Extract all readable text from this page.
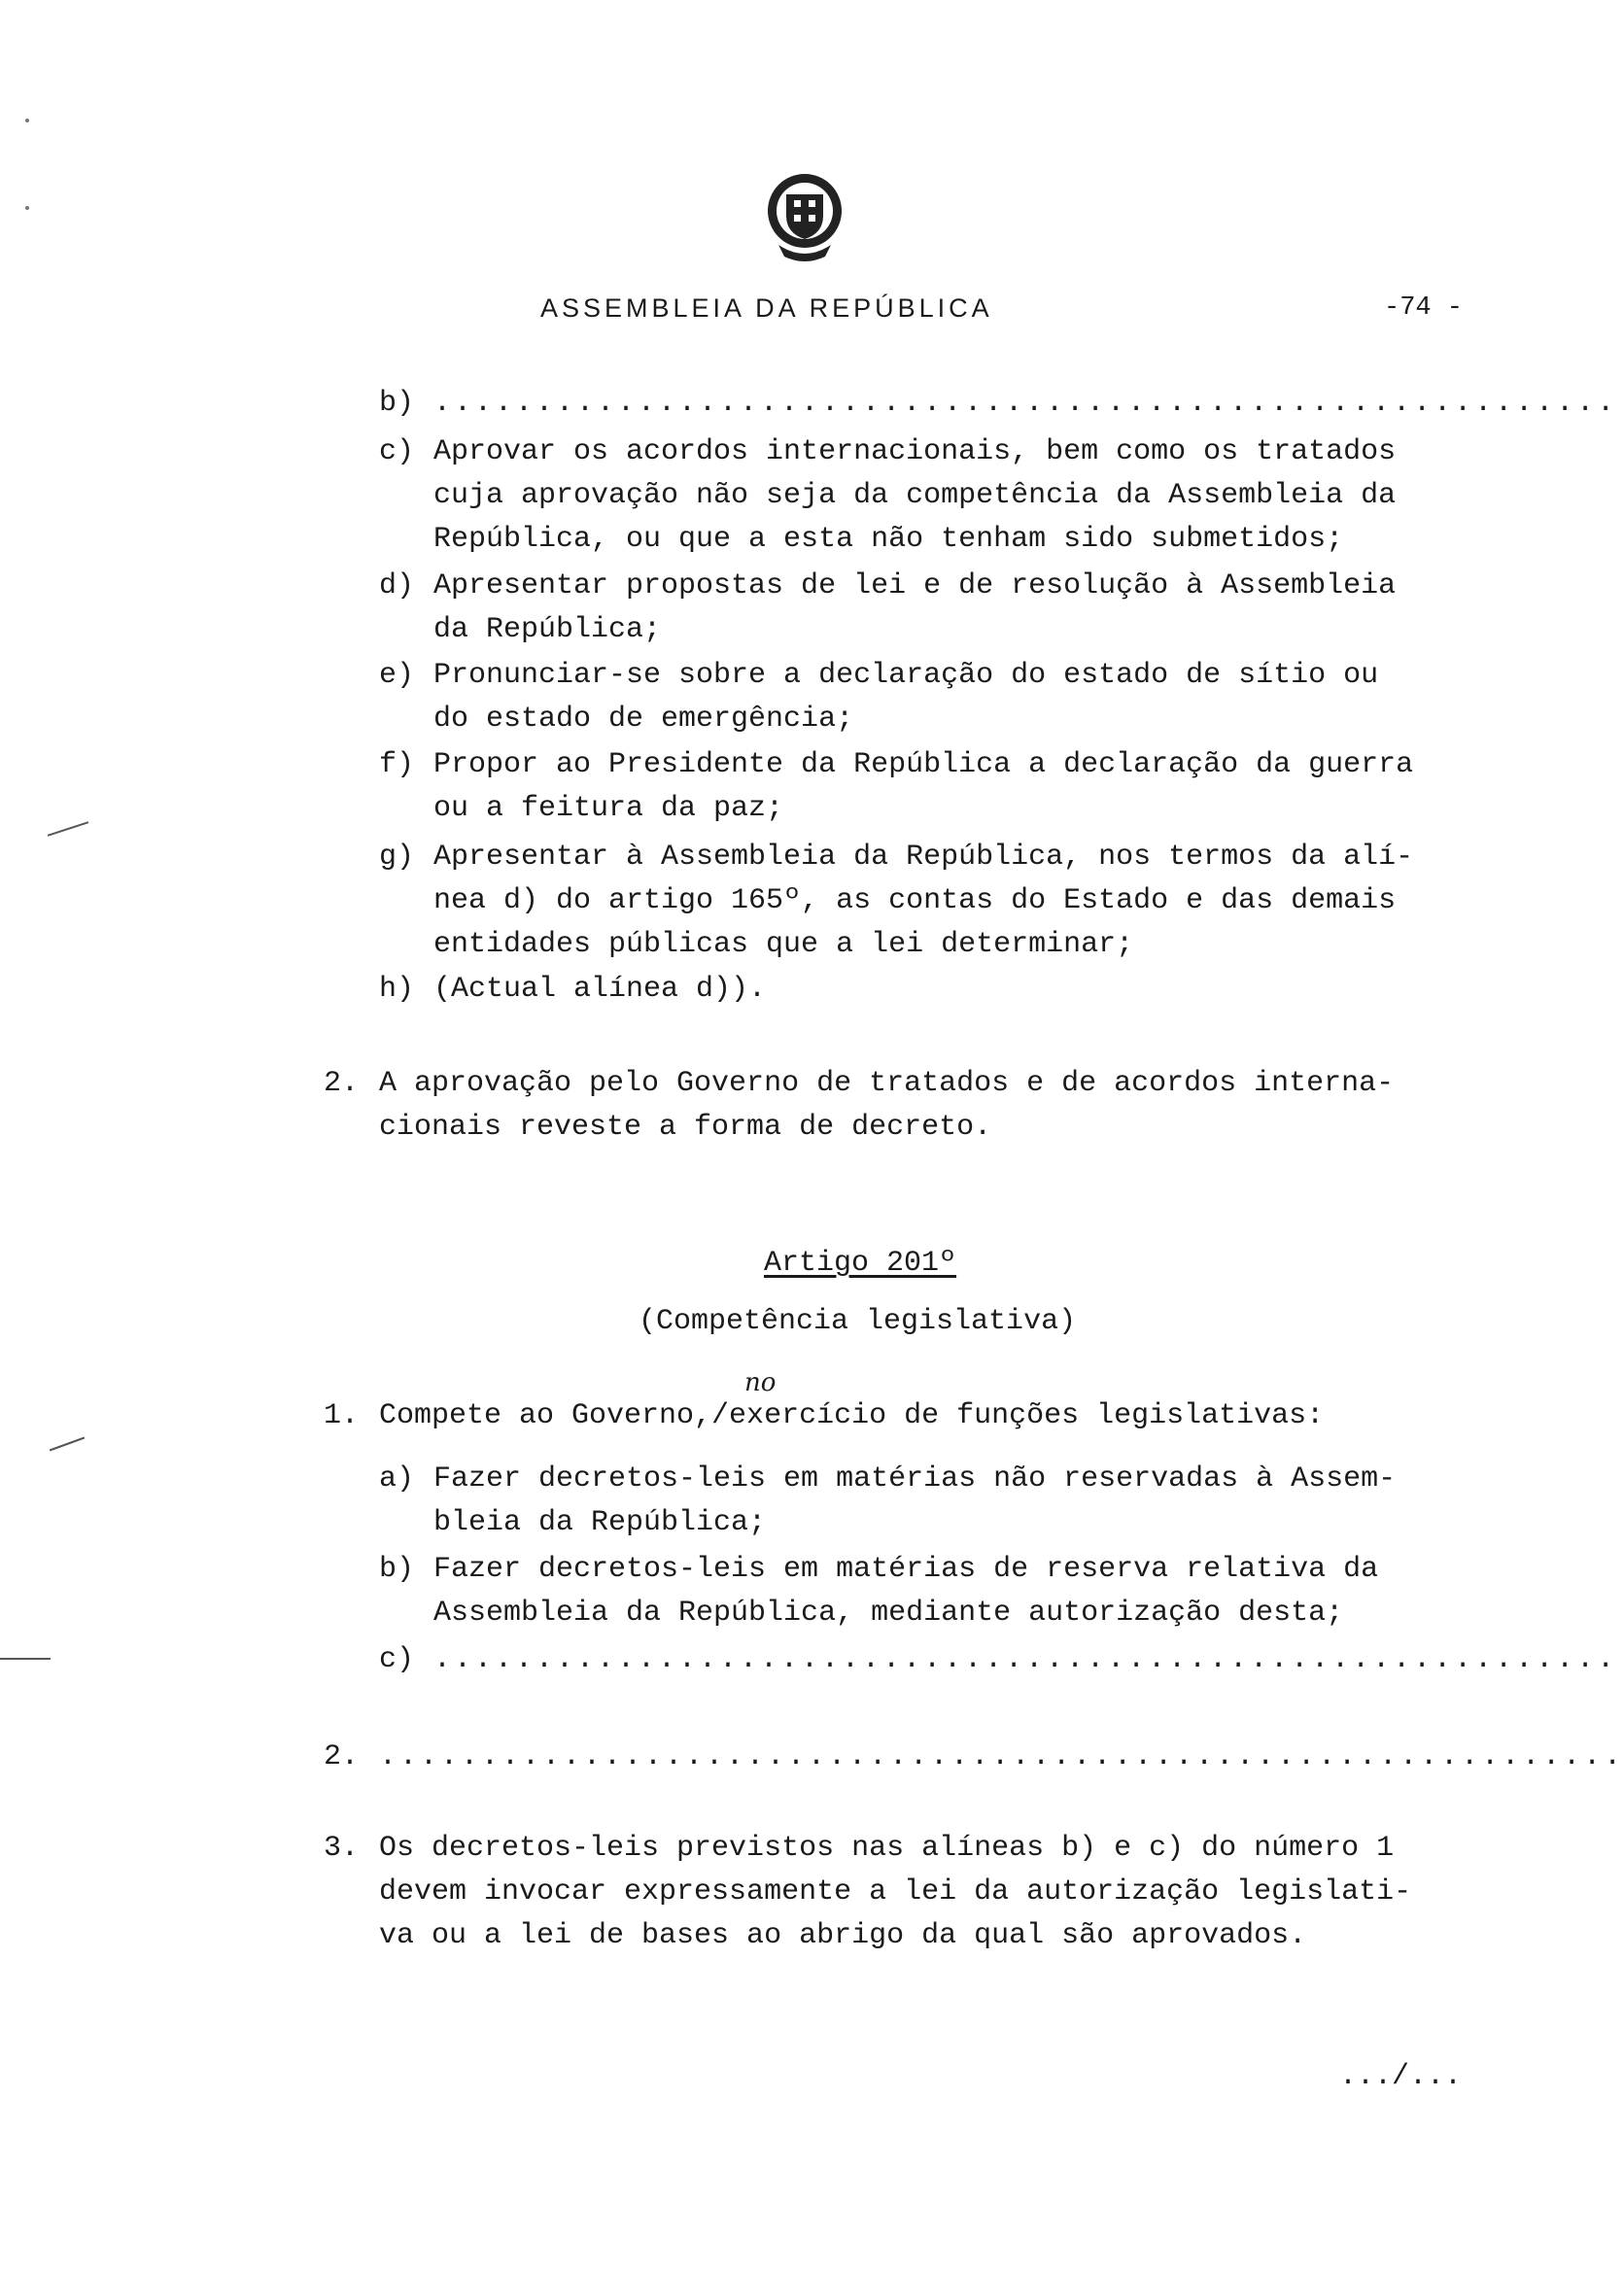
ASSEMBLEIA DA REPÚBLICA	-74 -
b) ..........................................................
c) Aprovar os acordos internacionais, bem como os tratados
cuja aprovação não seja da competência da Assembleia da
República, ou que a esta não tenham sido submetidos;
d) Apresentar propostas de lei e de resolução à Assembleia
da República;
e) Pronunciar-se sobre a declaração do estado de sítio ou
do estado de emergência;
f) Propor ao Presidente da República a declaração da guerra
ou a feitura da paz;
g) Apresentar à Assembleia da República, nos termos da alí-
nea d) do artigo 165º, as contas do Estado e das demais
entidades públicas que a lei determinar;
h) (Actual alínea d)).
2. A aprovação pelo Governo de tratados e de acordos interna-
cionais reveste a forma de decreto.
Artigo 201º
(Competência legislativa)
no
1. Compete ao Governo,/exercício de funções legislativas:
a) Fazer decretos-leis em matérias não reservadas à Assem-
bleia da República;
b) Fazer decretos-leis em matérias de reserva relativa da
Assembleia da República, mediante autorização desta;
c) ..........................................................
2. .............................................................
3. Os decretos-leis previstos nas alíneas b) e c) do número 1
devem invocar expressamente a lei da autorização legislati-
va ou a lei de bases ao abrigo da qual são aprovados.
.../...
